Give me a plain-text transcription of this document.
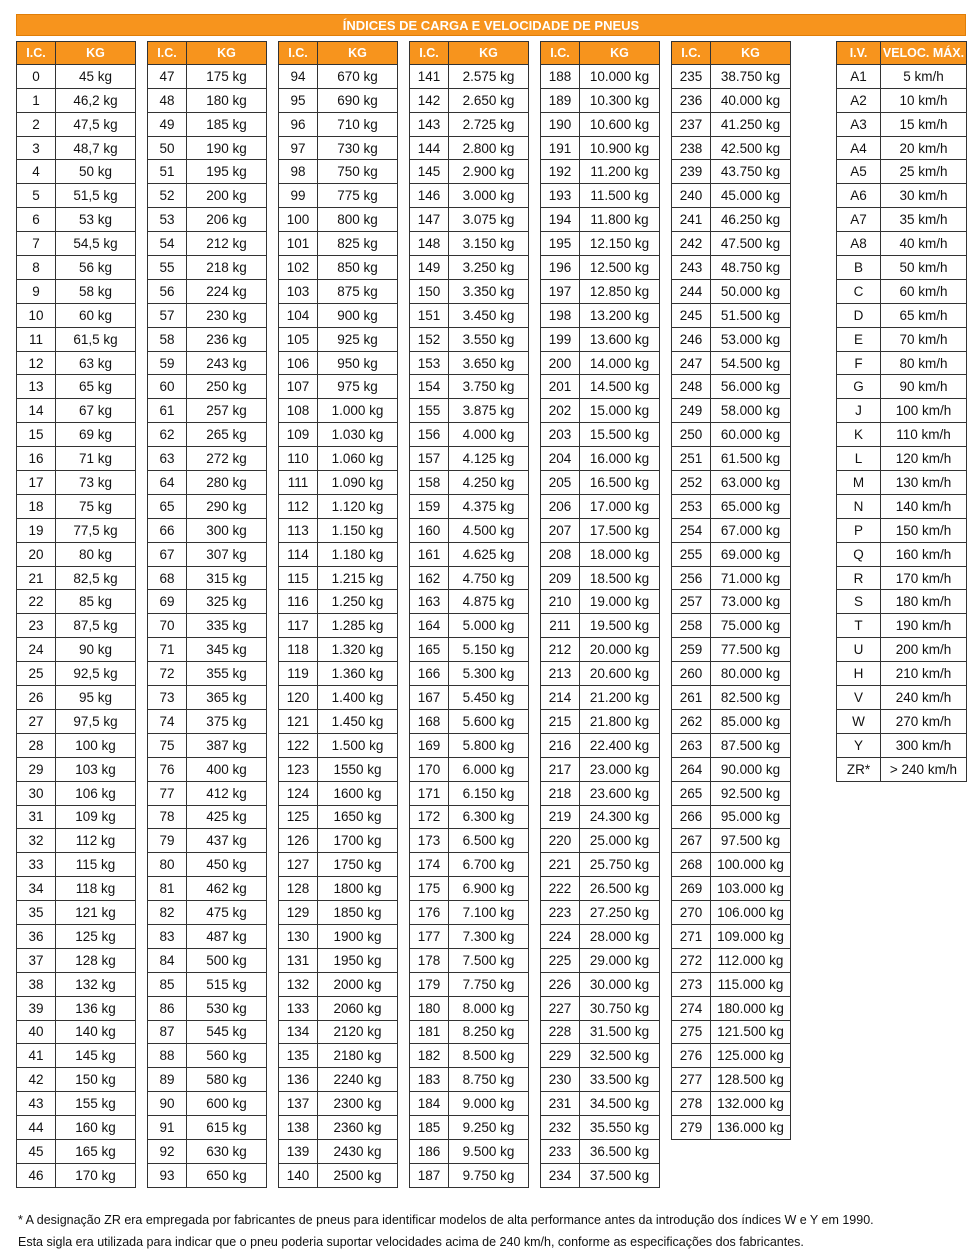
ÍNDICES DE CARGA E VELOCIDADE DE PNEUS
I.C.	KG
0	45 kg
1	46,2 kg
2	47,5 kg
3	48,7 kg
4	50 kg
5	51,5 kg
6	53 kg
7	54,5 kg
8	56 kg
9	58 kg
10	60 kg
11	61,5 kg
12	63 kg
13	65 kg
14	67 kg
15	69 kg
16	71 kg
17	73 kg
18	75 kg
19	77,5 kg
20	80 kg
21	82,5 kg
22	85 kg
23	87,5 kg
24	90 kg
25	92,5 kg
26	95 kg
27	97,5 kg
28	100 kg
29	103 kg
30	106 kg
31	109 kg
32	112 kg
33	115 kg
34	118 kg
35	121 kg
36	125 kg
37	128 kg
38	132 kg
39	136 kg
40	140 kg
41	145 kg
42	150 kg
43	155 kg
44	160 kg
45	165 kg
46	170 kg
I.C.	KG
47	175 kg
48	180 kg
49	185 kg
50	190 kg
51	195 kg
52	200 kg
53	206 kg
54	212 kg
55	218 kg
56	224 kg
57	230 kg
58	236 kg
59	243 kg
60	250 kg
61	257 kg
62	265 kg
63	272 kg
64	280 kg
65	290 kg
66	300 kg
67	307 kg
68	315 kg
69	325 kg
70	335 kg
71	345 kg
72	355 kg
73	365 kg
74	375 kg
75	387 kg
76	400 kg
77	412 kg
78	425 kg
79	437 kg
80	450 kg
81	462 kg
82	475 kg
83	487 kg
84	500 kg
85	515 kg
86	530 kg
87	545 kg
88	560 kg
89	580 kg
90	600 kg
91	615 kg
92	630 kg
93	650 kg
I.C.	KG
94	670 kg
95	690 kg
96	710 kg
97	730 kg
98	750 kg
99	775 kg
100	800 kg
101	825 kg
102	850 kg
103	875 kg
104	900 kg
105	925 kg
106	950 kg
107	975 kg
108	1.000 kg
109	1.030 kg
110	1.060 kg
111	1.090 kg
112	1.120 kg
113	1.150 kg
114	1.180 kg
115	1.215 kg
116	1.250 kg
117	1.285 kg
118	1.320 kg
119	1.360 kg
120	1.400 kg
121	1.450 kg
122	1.500 kg
123	1550 kg
124	1600 kg
125	1650 kg
126	1700 kg
127	1750 kg
128	1800 kg
129	1850 kg
130	1900 kg
131	1950 kg
132	2000 kg
133	2060 kg
134	2120 kg
135	2180 kg
136	2240 kg
137	2300 kg
138	2360 kg
139	2430 kg
140	2500 kg
I.C.	KG
141	2.575 kg
142	2.650 kg
143	2.725 kg
144	2.800 kg
145	2.900 kg
146	3.000 kg
147	3.075 kg
148	3.150 kg
149	3.250 kg
150	3.350 kg
151	3.450 kg
152	3.550 kg
153	3.650 kg
154	3.750 kg
155	3.875 kg
156	4.000 kg
157	4.125 kg
158	4.250 kg
159	4.375 kg
160	4.500 kg
161	4.625 kg
162	4.750 kg
163	4.875 kg
164	5.000 kg
165	5.150 kg
166	5.300 kg
167	5.450 kg
168	5.600 kg
169	5.800 kg
170	6.000 kg
171	6.150 kg
172	6.300 kg
173	6.500 kg
174	6.700 kg
175	6.900 kg
176	7.100 kg
177	7.300 kg
178	7.500 kg
179	7.750 kg
180	8.000 kg
181	8.250 kg
182	8.500 kg
183	8.750 kg
184	9.000 kg
185	9.250 kg
186	9.500 kg
187	9.750 kg
I.C.	KG
188	10.000 kg
189	10.300 kg
190	10.600 kg
191	10.900 kg
192	11.200 kg
193	11.500 kg
194	11.800 kg
195	12.150 kg
196	12.500 kg
197	12.850 kg
198	13.200 kg
199	13.600 kg
200	14.000 kg
201	14.500 kg
202	15.000 kg
203	15.500 kg
204	16.000 kg
205	16.500 kg
206	17.000 kg
207	17.500 kg
208	18.000 kg
209	18.500 kg
210	19.000 kg
211	19.500 kg
212	20.000 kg
213	20.600 kg
214	21.200 kg
215	21.800 kg
216	22.400 kg
217	23.000 kg
218	23.600 kg
219	24.300 kg
220	25.000 kg
221	25.750 kg
222	26.500 kg
223	27.250 kg
224	28.000 kg
225	29.000 kg
226	30.000 kg
227	30.750 kg
228	31.500 kg
229	32.500 kg
230	33.500 kg
231	34.500 kg
232	35.550 kg
233	36.500 kg
234	37.500 kg
I.C.	KG
235	38.750 kg
236	40.000 kg
237	41.250 kg
238	42.500 kg
239	43.750 kg
240	45.000 kg
241	46.250 kg
242	47.500 kg
243	48.750 kg
244	50.000 kg
245	51.500 kg
246	53.000 kg
247	54.500 kg
248	56.000 kg
249	58.000 kg
250	60.000 kg
251	61.500 kg
252	63.000 kg
253	65.000 kg
254	67.000 kg
255	69.000 kg
256	71.000 kg
257	73.000 kg
258	75.000 kg
259	77.500 kg
260	80.000 kg
261	82.500 kg
262	85.000 kg
263	87.500 kg
264	90.000 kg
265	92.500 kg
266	95.000 kg
267	97.500 kg
268	100.000 kg
269	103.000 kg
270	106.000 kg
271	109.000 kg
272	112.000 kg
273	115.000 kg
274	180.000 kg
275	121.500 kg
276	125.000 kg
277	128.500 kg
278	132.000 kg
279	136.000 kg
I.V.	VELOC. MÁX.
A1	5 km/h
A2	10 km/h
A3	15 km/h
A4	20 km/h
A5	25 km/h
A6	30 km/h
A7	35 km/h
A8	40 km/h
B	50 km/h
C	60 km/h
D	65 km/h
E	70 km/h
F	80 km/h
G	90 km/h
J	100 km/h
K	110 km/h
L	120 km/h
M	130 km/h
N	140 km/h
P	150 km/h
Q	160 km/h
R	170 km/h
S	180 km/h
T	190 km/h
U	200 km/h
H	210 km/h
V	240 km/h
W	270 km/h
Y	300 km/h
ZR*	> 240 km/h

* A designação ZR era empregada por fabricantes de pneus para identificar modelos de alta performance antes da introdução dos índices W e Y em 1990.

Esta sigla era utilizada para indicar que o pneu poderia suportar velocidades acima de 240 km/h, conforme as especificações dos fabricantes.
